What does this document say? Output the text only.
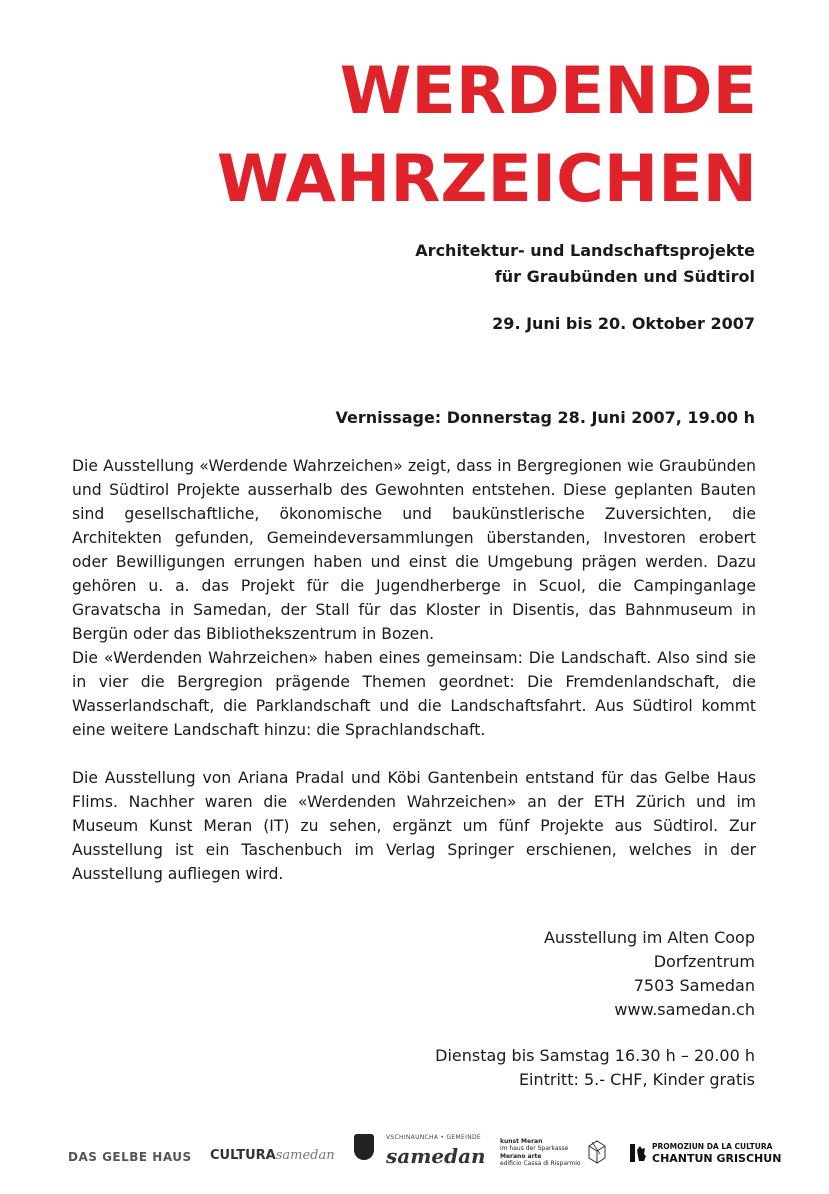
WERDENDE
WAHRZEICHEN
Architektur- und Landschaftsprojekte
für Graubünden und Südtirol
29. Juni bis 20. Oktober 2007
Vernissage: Donnerstag 28. Juni 2007, 19.00 h

Die Ausstellung «Werdende Wahrzeichen» zeigt, dass in Bergregionen wie Graubünden und Südtirol Projekte ausserhalb des Gewohnten entstehen. Diese geplanten Bauten sind gesellschaftliche, ökonomische und baukünstlerische Zuversichten, die Architekten gefunden, Gemeindeversammlungen überstanden, Investoren erobert oder Bewilligungen errungen haben und einst die Umgebung prägen werden. Dazu gehören u. a. das Projekt für die Jugendherberge in Scuol, die Campinganlage Gravatscha in Samedan, der Stall für das Kloster in Disentis, das Bahnmuseum in Bergün oder das Bibliothekszentrum in Bozen.

Die «Werdenden Wahrzeichen» haben eines gemeinsam: Die Landschaft. Also sind sie in vier die Bergregion prägende Themen geordnet: Die Fremdenlandschaft, die Wasserlandschaft, die Parklandschaft und die Landschaftsfahrt. Aus Südtirol kommt eine weitere Landschaft hinzu: die Sprachlandschaft.

Die Ausstellung von Ariana Pradal und Köbi Gantenbein entstand für das Gelbe Haus Flims. Nachher waren die «Werdenden Wahrzeichen» an der ETH Zürich und im Museum Kunst Meran (IT) zu sehen, ergänzt um fünf Projekte aus Südtirol. Zur Ausstellung ist ein Taschenbuch im Verlag Springer erschienen, welches in der Ausstellung aufliegen wird.

Ausstellung im Alten Coop
Dorfzentrum
7503 Samedan
www.samedan.ch
Dienstag bis Samstag 16.30 h – 20.00 h
Eintritt: 5.- CHF, Kinder gratis
DAS GELBE HAUS CULTURAsamedan
VSCHINAUNCHA • GEMEINDE
samedan
kunst Meran
im haus der Sparkasse
Merano arte
edificio Cassa di Risparmio
PROMOZIUN DA LA CULTURA
CHANTUN GRISCHUN
